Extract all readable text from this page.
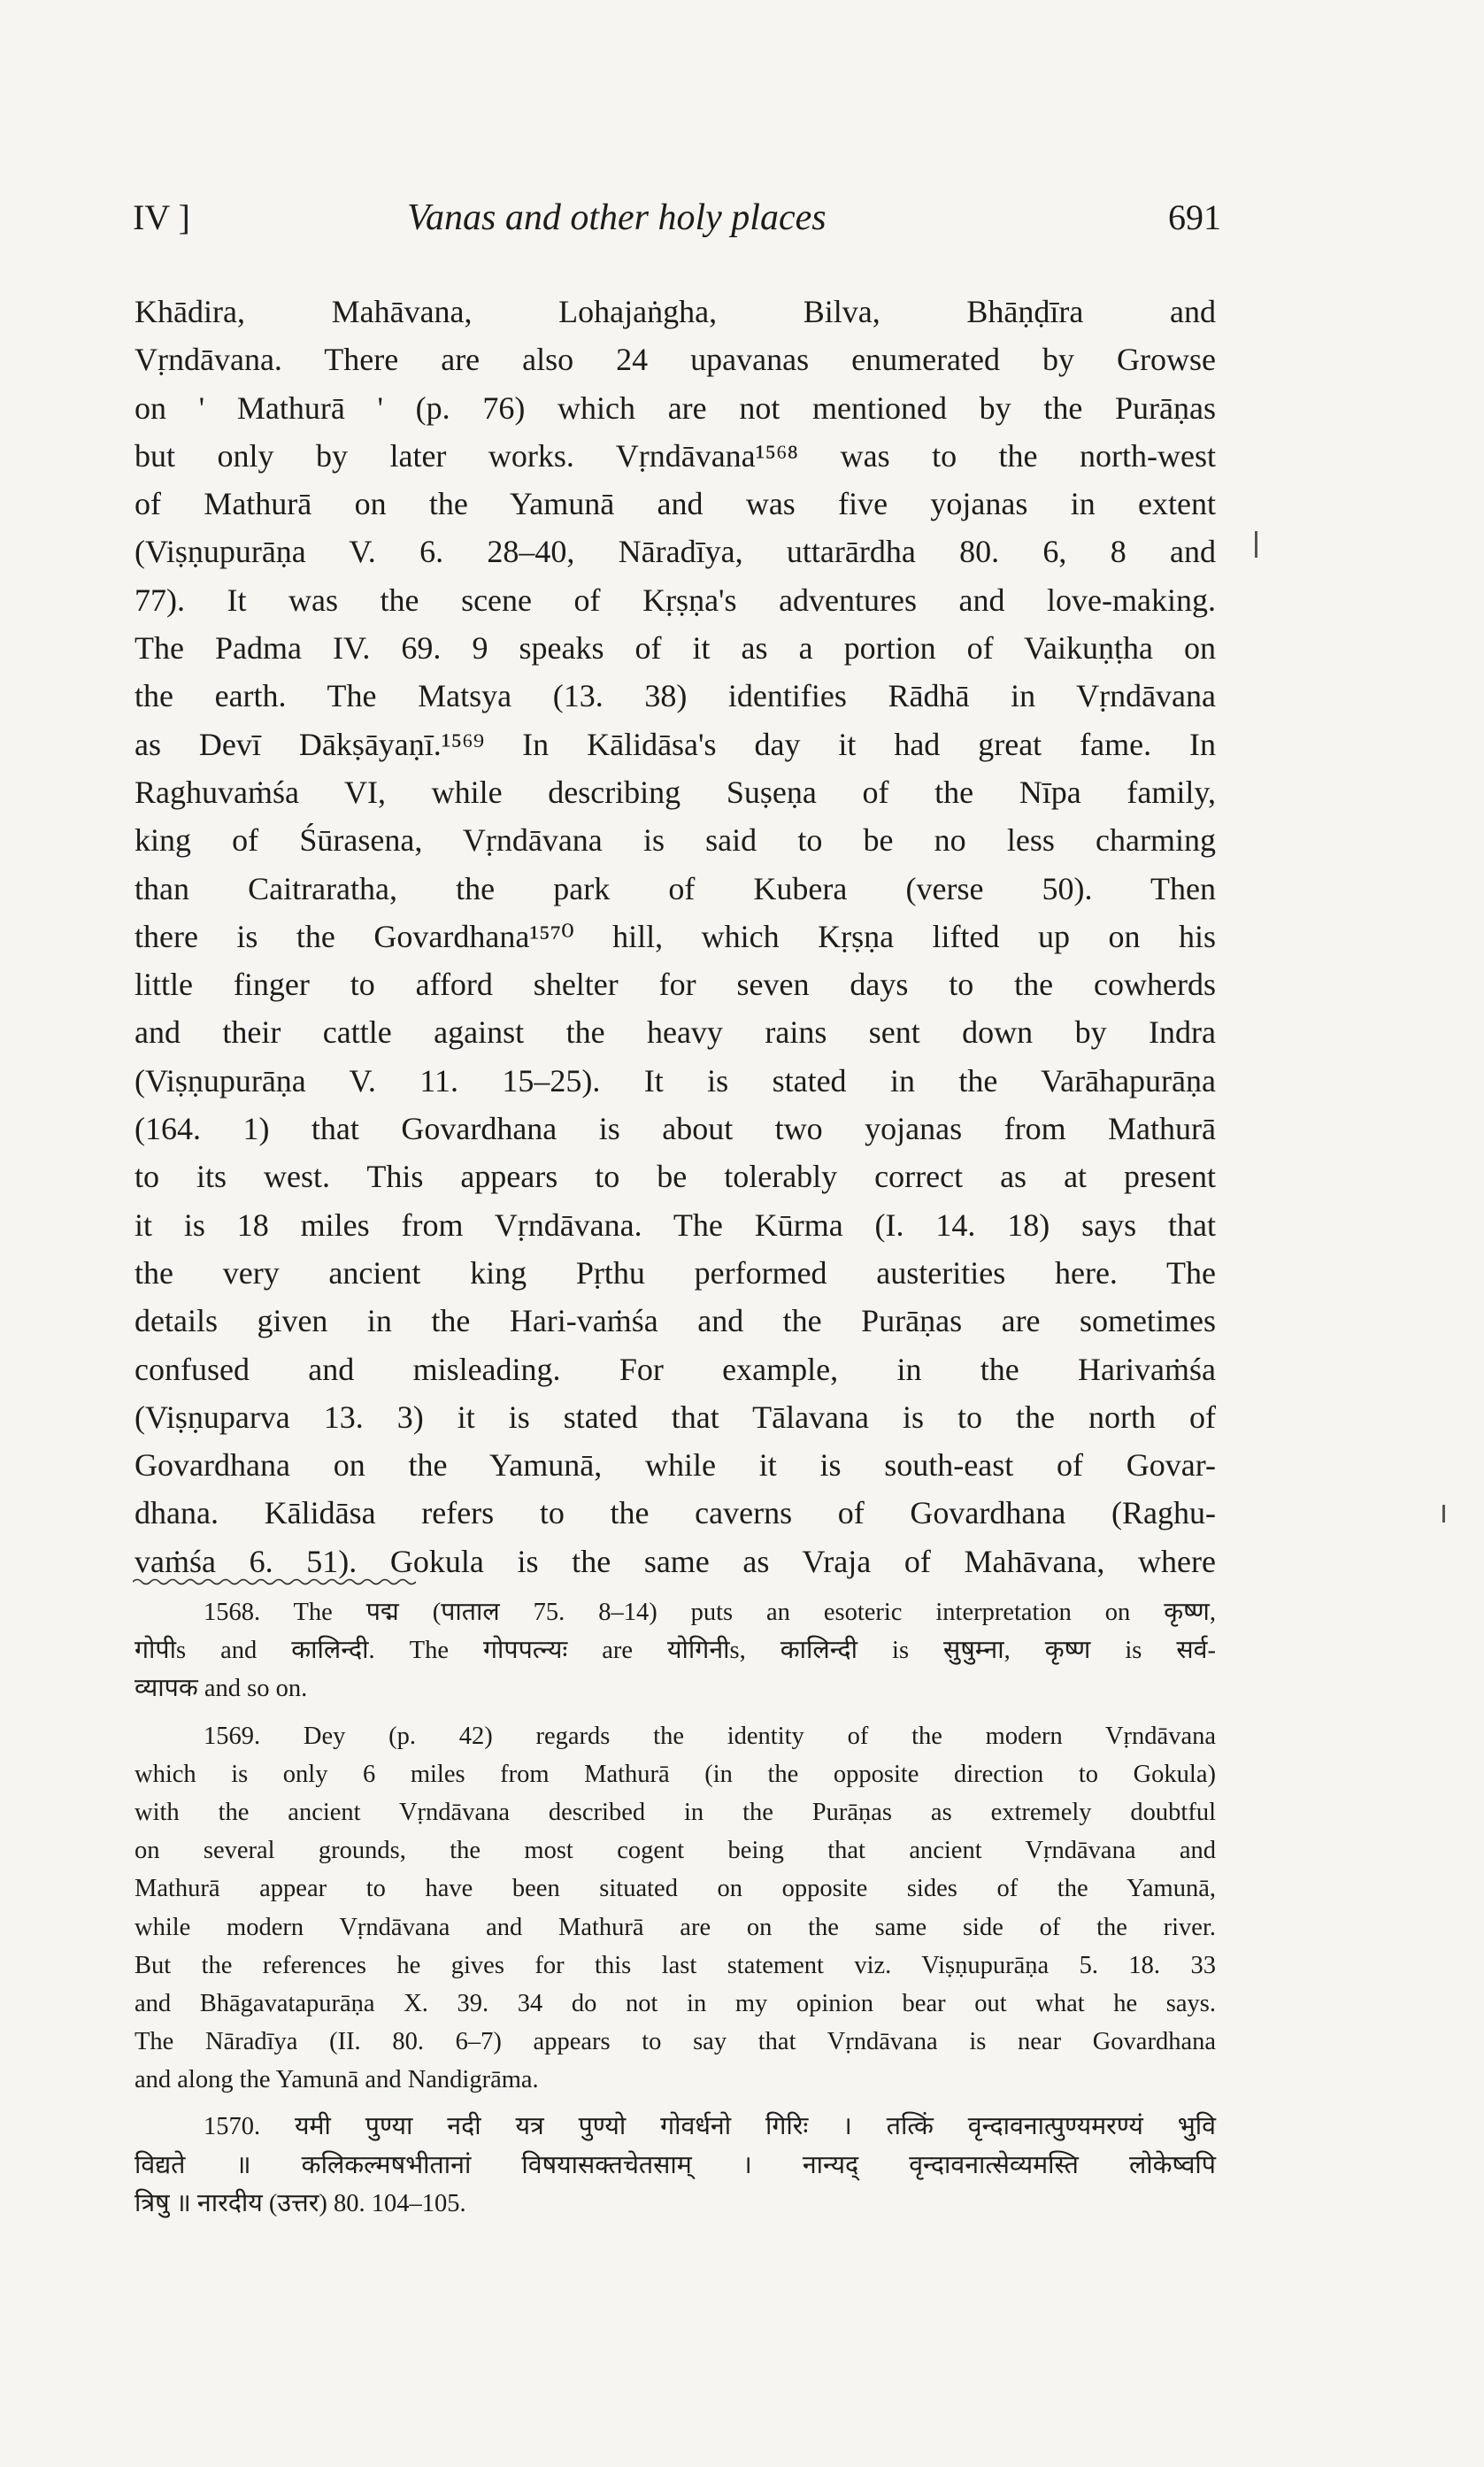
IV ]	Vanas and other holy places	691
Khādira, Mahāvana, Lohajaṅgha, Bilva, Bhāṇḍīra and
Vṛndāvana. There are also 24 upavanas enumerated by Growse
on ' Mathurā ' (p. 76) which are not mentioned by the Purāṇas
but only by later works. Vṛndāvana¹⁵⁶⁸ was to the north-west
of Mathurā on the Yamunā and was five yojanas in extent
(Viṣṇupurāṇa V. 6. 28–40, Nāradīya, uttarārdha 80. 6, 8 and
77). It was the scene of Kṛṣṇa's adventures and love-making.
The Padma IV. 69. 9 speaks of it as a portion of Vaikuṇṭha on
the earth. The Matsya (13. 38) identifies Rādhā in Vṛndāvana
as Devī Dākṣāyaṇī.¹⁵⁶⁹ In Kālidāsa's day it had great fame. In
Raghuvaṁśa VI, while describing Suṣeṇa of the Nīpa family,
king of Śūrasena, Vṛndāvana is said to be no less charming
than Caitraratha, the park of Kubera (verse 50). Then
there is the Govardhana¹⁵⁷⁰ hill, which Kṛṣṇa lifted up on his
little finger to afford shelter for seven days to the cowherds
and their cattle against the heavy rains sent down by Indra
(Viṣṇupurāṇa V. 11. 15–25). It is stated in the Varāhapurāṇa
(164. 1) that Govardhana is about two yojanas from Mathurā
to its west. This appears to be tolerably correct as at present
it is 18 miles from Vṛndāvana. The Kūrma (I. 14. 18) says that
the very ancient king Pṛthu performed austerities here. The
details given in the Hari-vaṁśa and the Purāṇas are sometimes
confused and misleading. For example, in the Harivaṁśa
(Viṣṇuparva 13. 3) it is stated that Tālavana is to the north of
Govardhana on the Yamunā, while it is south-east of Govar-
dhana. Kālidāsa refers to the caverns of Govardhana (Raghu-
vaṁśa 6. 51). Gokula is the same as Vraja of Mahāvana, where
1568. The पद्म (पाताल 75. 8–14) puts an esoteric interpretation on कृष्ण,
गोपीs and कालिन्दी. The गोपपत्न्यः are योगिनीs, कालिन्दी is सुषुम्ना, कृष्ण is सर्व-
व्यापक and so on.
1569. Dey (p. 42) regards the identity of the modern Vṛndāvana
which is only 6 miles from Mathurā (in the opposite direction to Gokula)
with the ancient Vṛndāvana described in the Purāṇas as extremely doubtful
on several grounds, the most cogent being that ancient Vṛndāvana and
Mathurā appear to have been situated on opposite sides of the Yamunā,
while modern Vṛndāvana and Mathurā are on the same side of the river.
But the references he gives for this last statement viz. Viṣṇupurāṇa 5. 18. 33
and Bhāgavatapurāṇa X. 39. 34 do not in my opinion bear out what he says.
The Nāradīya (II. 80. 6–7) appears to say that Vṛndāvana is near Govardhana
and along the Yamunā and Nandigrāma.
1570. यमी पुण्या नदी यत्र पुण्यो गोवर्धनो गिरिः । तत्किं वृन्दावनात्पुण्यमरण्यं भुवि
विद्यते ॥ कलिकल्मषभीतानां विषयासक्तचेतसाम् । नान्यद् वृन्दावनात्सेव्यमस्ति लोकेष्वपि
त्रिषु ॥ नारदीय (उत्तर) 80. 104–105.
